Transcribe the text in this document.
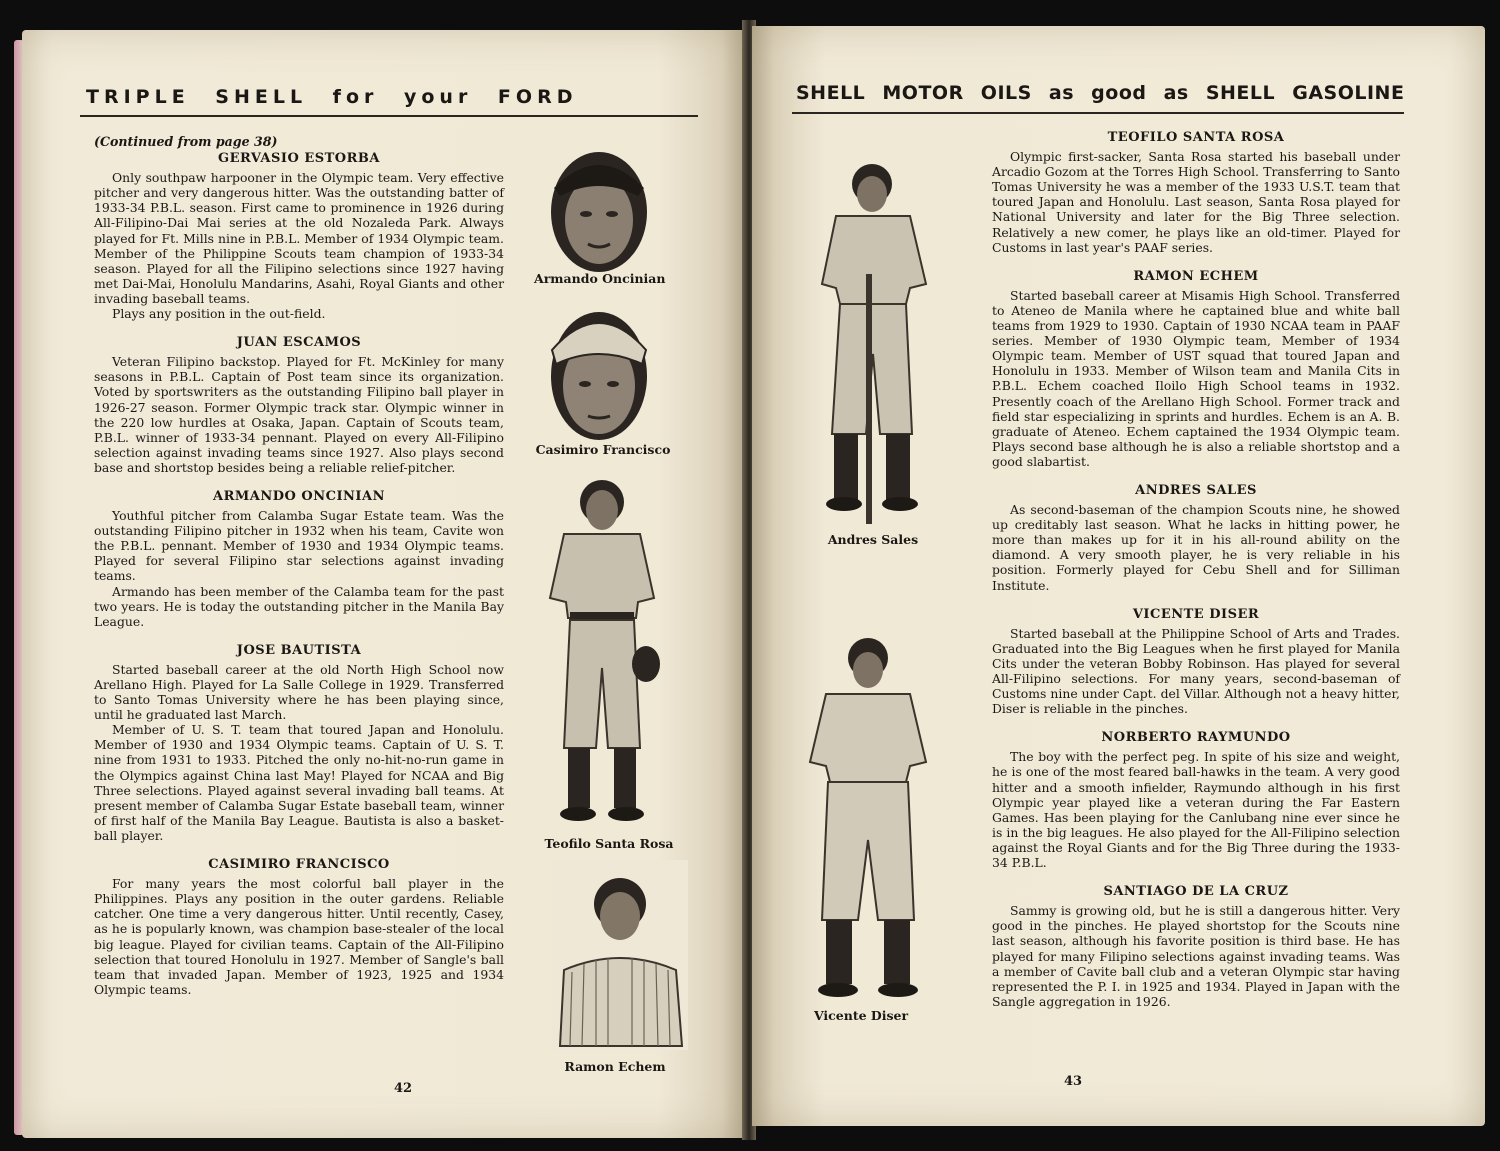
TRIPLE SHELL for your FORD
(Continued from page 38)
GERVASIO ESTORBA

Only southpaw harpooner in the Olympic team. Very effective pitcher and very dangerous hitter. Was the outstanding batter of 1933-34 P.B.L. season. First came to prominence in 1926 during All-Filipino-Dai Mai series at the old Nozaleda Park. Always played for Ft. Mills nine in P.B.L. Member of 1934 Olympic team. Member of the Philippine Scouts team champion of 1933-34 season. Played for all the Filipino selections since 1927 having met Dai-Mai, Honolulu Mandarins, Asahi, Royal Giants and other invading baseball teams.

Plays any position in the out-field.

JUAN ESCAMOS

Veteran Filipino backstop. Played for Ft. McKinley for many seasons in P.B.L. Captain of Post team since its organization. Voted by sportswriters as the outstanding Filipino ball player in 1926-27 season. Former Olympic track star. Olympic winner in the 220 low hurdles at Osaka, Japan. Captain of Scouts team, P.B.L. winner of 1933-34 pennant. Played on every All-Filipino selection against invading teams since 1927. Also plays second base and shortstop besides being a reliable relief-pitcher.

ARMANDO ONCINIAN

Youthful pitcher from Calamba Sugar Estate team. Was the outstanding Filipino pitcher in 1932 when his team, Cavite won the P.B.L. pennant. Member of 1930 and 1934 Olympic teams. Played for several Filipino star selections against invading teams.

Armando has been member of the Calamba team for the past two years. He is today the outstanding pitcher in the Manila Bay League.

JOSE BAUTISTA

Started baseball career at the old North High School now Arellano High. Played for La Salle College in 1929. Transferred to Santo Tomas University where he has been playing since, until he graduated last March.

Member of U. S. T. team that toured Japan and Honolulu. Member of 1930 and 1934 Olympic teams. Captain of U. S. T. nine from 1931 to 1933. Pitched the only no-hit-no-run game in the Olympics against China last May! Played for NCAA and Big Three selections. Played against several invading ball teams. At present member of Calamba Sugar Estate baseball team, winner of first half of the Manila Bay League. Bautista is also a basket-ball player.

CASIMIRO FRANCISCO

For many years the most colorful ball player in the Philippines. Plays any position in the outer gardens. Reliable catcher. One time a very dangerous hitter. Until recently, Casey, as he is popularly known, was champion base-stealer of the local big league. Played for civilian teams. Captain of the All-Filipino selection that toured Honolulu in 1927. Member of Sangle's ball team that invaded Japan. Member of 1923, 1925 and 1934 Olympic teams.

Armando Oncinian
Casimiro Francisco
Teofilo Santa Rosa
Ramon Echem
42
SHELL MOTOR OILS as good as SHELL GASOLINE
Andres Sales
Vicente Diser
TEOFILO SANTA ROSA

Olympic first-sacker, Santa Rosa started his baseball under Arcadio Gozom at the Torres High School. Transferring to Santo Tomas University he was a member of the 1933 U.S.T. team that toured Japan and Honolulu. Last season, Santa Rosa played for National University and later for the Big Three selection. Relatively a new comer, he plays like an old-timer. Played for Customs in last year's PAAF series.

RAMON ECHEM

Started baseball career at Misamis High School. Transferred to Ateneo de Manila where he captained blue and white ball teams from 1929 to 1930. Captain of 1930 NCAA team in PAAF series. Member of 1930 Olympic team, Member of 1934 Olympic team. Member of UST squad that toured Japan and Honolulu in 1933. Member of Wilson team and Manila Cits in P.B.L. Echem coached Iloilo High School teams in 1932. Presently coach of the Arellano High School. Former track and field star especializing in sprints and hurdles. Echem is an A. B. graduate of Ateneo. Echem captained the 1934 Olympic team. Plays second base although he is also a reliable shortstop and a good slabartist.

ANDRES SALES

As second-baseman of the champion Scouts nine, he showed up creditably last season. What he lacks in hitting power, he more than makes up for it in his all-round ability on the diamond. A very smooth player, he is very reliable in his position. Formerly played for Cebu Shell and for Silliman Institute.

VICENTE DISER

Started baseball at the Philippine School of Arts and Trades. Graduated into the Big Leagues when he first played for Manila Cits under the veteran Bobby Robinson. Has played for several All-Filipino selections. For many years, second-baseman of Customs nine under Capt. del Villar. Although not a heavy hitter, Diser is reliable in the pinches.

NORBERTO RAYMUNDO

The boy with the perfect peg. In spite of his size and weight, he is one of the most feared ball-hawks in the team. A very good hitter and a smooth infielder, Raymundo although in his first Olympic year played like a veteran during the Far Eastern Games. Has been playing for the Canlubang nine ever since he is in the big leagues. He also played for the All-Filipino selection against the Royal Giants and for the Big Three during the 1933-34 P.B.L.

SANTIAGO DE LA CRUZ

Sammy is growing old, but he is still a dangerous hitter. Very good in the pinches. He played shortstop for the Scouts nine last season, although his favorite position is third base. He has played for many Filipino selections against invading teams. Was a member of Cavite ball club and a veteran Olympic star having represented the P. I. in 1925 and 1934. Played in Japan with the Sangle aggregation in 1926.

43
